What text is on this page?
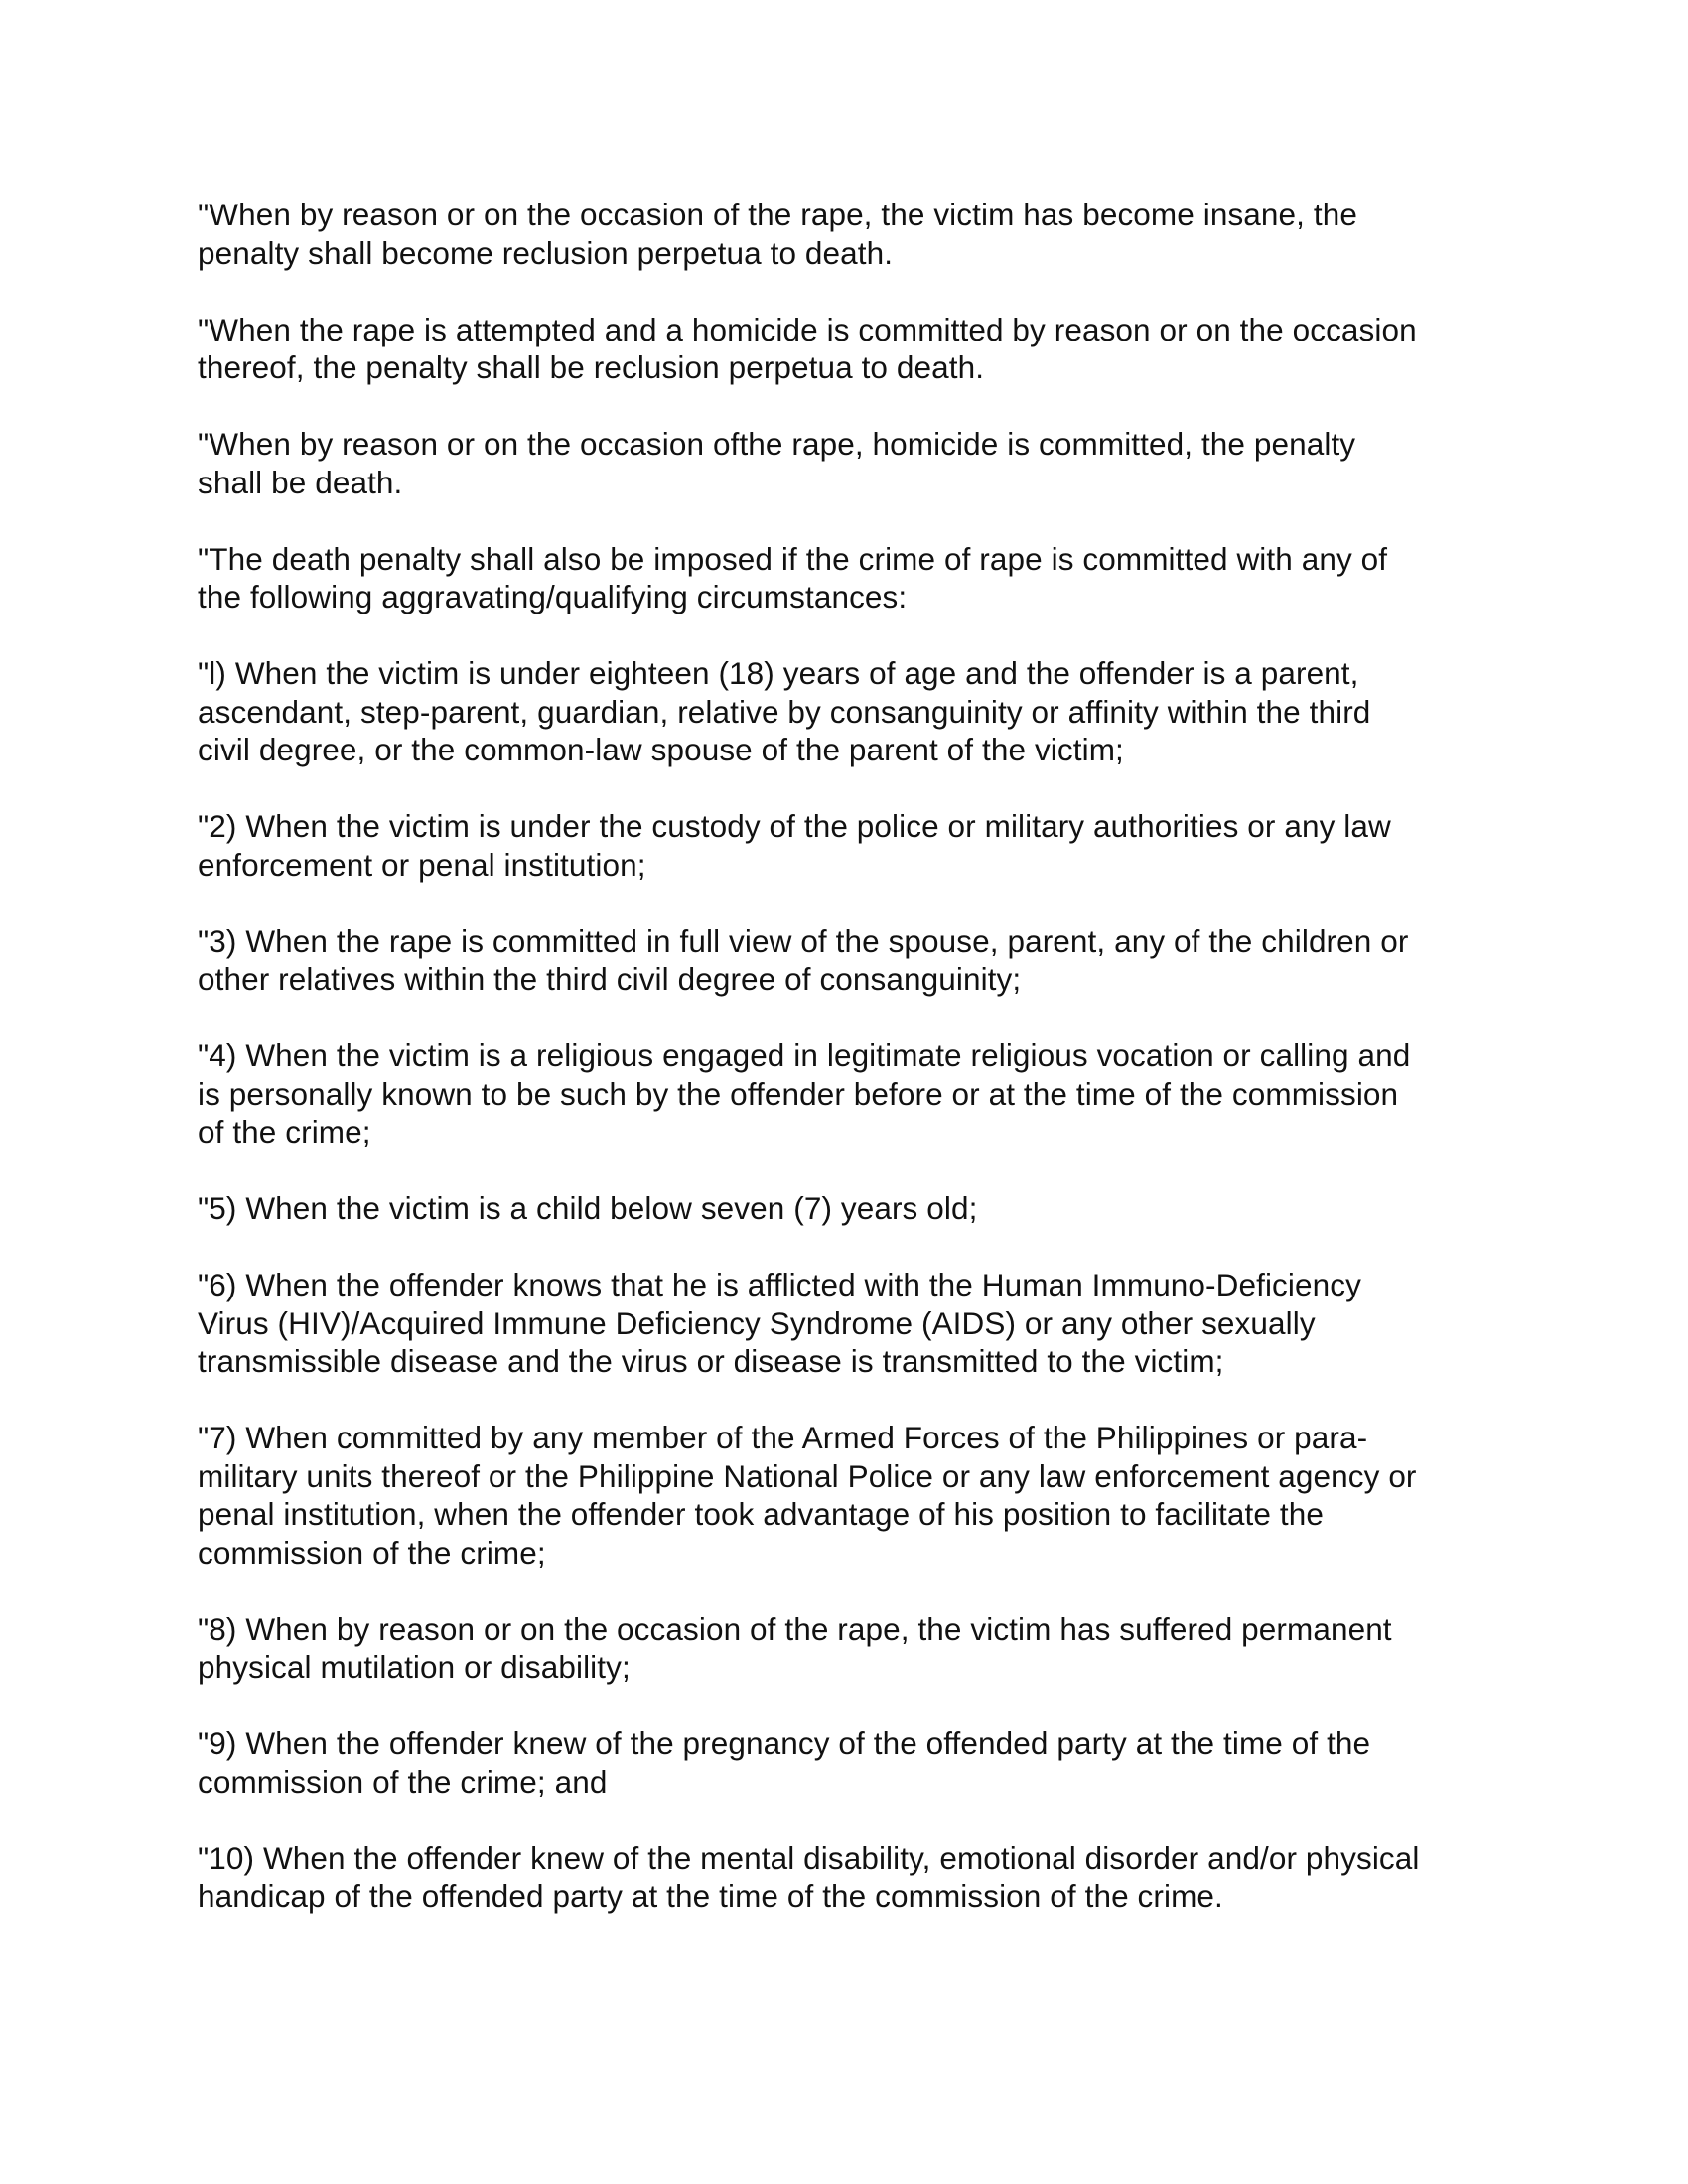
"When by reason or on the occasion of the rape, the victim has become insane, the
penalty shall become reclusion perpetua to death.

"When the rape is attempted and a homicide is committed by reason or on the occasion
thereof, the penalty shall be reclusion perpetua to death.

"When by reason or on the occasion ofthe rape, homicide is committed, the penalty
shall be death.

"The death penalty shall also be imposed if the crime of rape is committed with any of
the following aggravating/qualifying circumstances:

"l) When the victim is under eighteen (18) years of age and the offender is a parent,
ascendant, step-parent, guardian, relative by consanguinity or affinity within the third
civil degree, or the common-law spouse of the parent of the victim;

"2) When the victim is under the custody of the police or military authorities or any law
enforcement or penal institution;

"3) When the rape is committed in full view of the spouse, parent, any of the children or
other relatives within the third civil degree of consanguinity;

"4) When the victim is a religious engaged in legitimate religious vocation or calling and
is personally known to be such by the offender before or at the time of the commission
of the crime;

"5) When the victim is a child below seven (7) years old;

"6) When the offender knows that he is afflicted with the Human Immuno-Deficiency
Virus (HIV)/Acquired Immune Deficiency Syndrome (AIDS) or any other sexually
transmissible disease and the virus or disease is transmitted to the victim;

"7) When committed by any member of the Armed Forces of the Philippines or para-
military units thereof or the Philippine National Police or any law enforcement agency or
penal institution, when the offender took advantage of his position to facilitate the
commission of the crime;

"8) When by reason or on the occasion of the rape, the victim has suffered permanent
physical mutilation or disability;

"9) When the offender knew of the pregnancy of the offended party at the time of the
commission of the crime; and

"10) When the offender knew of the mental disability, emotional disorder and/or physical
handicap of the offended party at the time of the commission of the crime.
